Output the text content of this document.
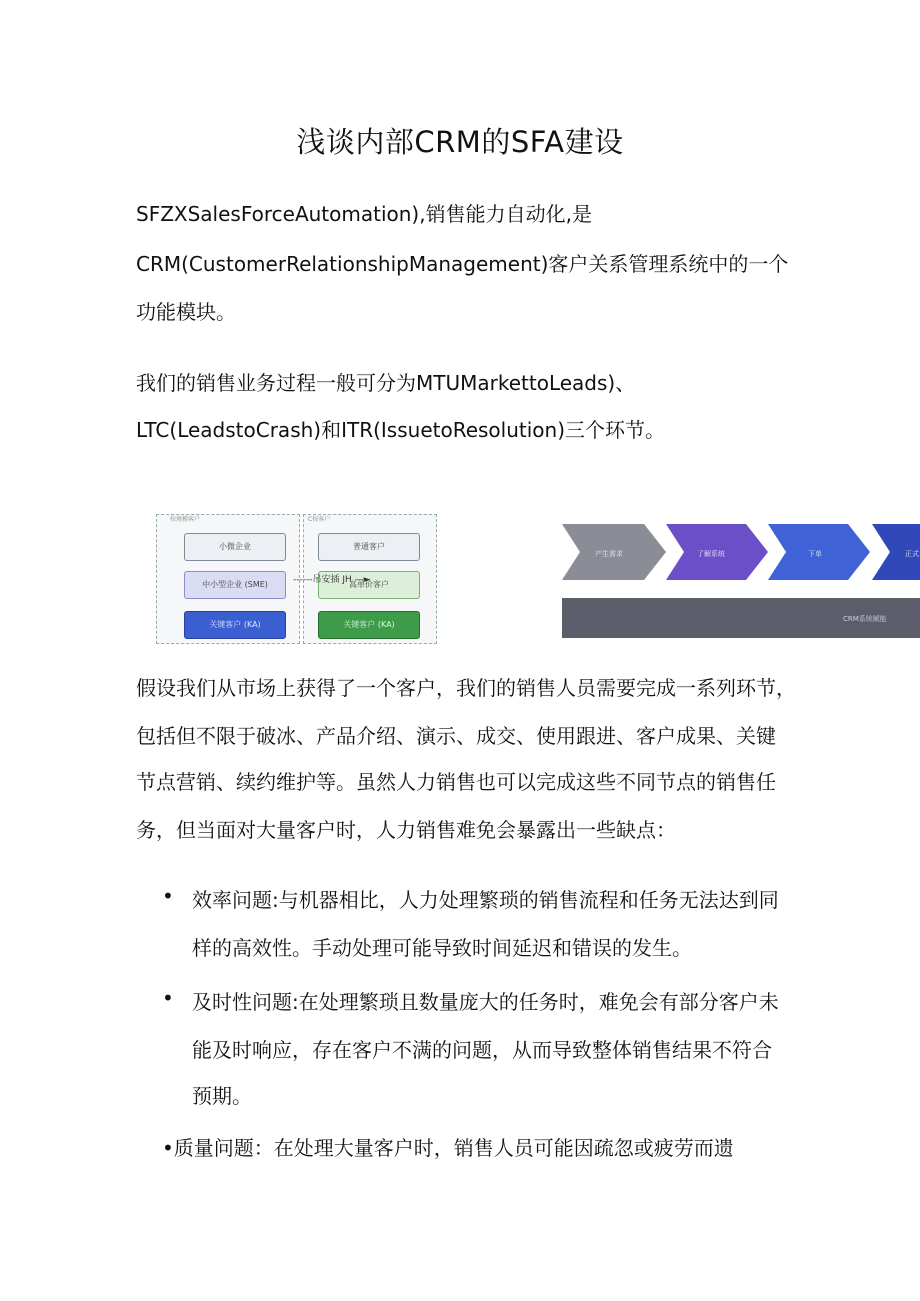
浅谈内部CRM的SFA建设
SFZXSalesForceAutomation),销售能力自动化,是
CRM(CustomerRelationshipManagement)客户关系管理系统中的一个
功能模块。
我们的销售业务过程一般可分为MTUMarkettoLeads)、
LTC(LeadstoCrash)和ITR(IssuetoResolution)三个环节。
按规模客户
小微企业
中小型企业 (SME)
关键客户 (KA)
C按客户
普通客户
高单价客户
关键客户 (KA)
------吊安插 JH —►
产生需求	了解系统	下单	正式
CRM系统赋能
假设我们从市场上获得了一个客户，我们的销售人员需要完成一系列环节，
包括但不限于破冰、产品介绍、演示、成交、使用跟进、客户成果、关键
节点营销、续约维护等。虽然人力销售也可以完成这些不同节点的销售任
务，但当面对大量客户时，人力销售难免会暴露出一些缺点：
• 效率问题:与机器相比，人力处理繁琐的销售流程和任务无法达到同
样的高效性。手动处理可能导致时间延迟和错误的发生。
• 及时性问题:在处理繁琐且数量庞大的任务时，难免会有部分客户未
能及时响应，存在客户不满的问题，从而导致整体销售结果不符合
预期。
•质量问题：在处理大量客户时，销售人员可能因疏忽或疲劳而遗
